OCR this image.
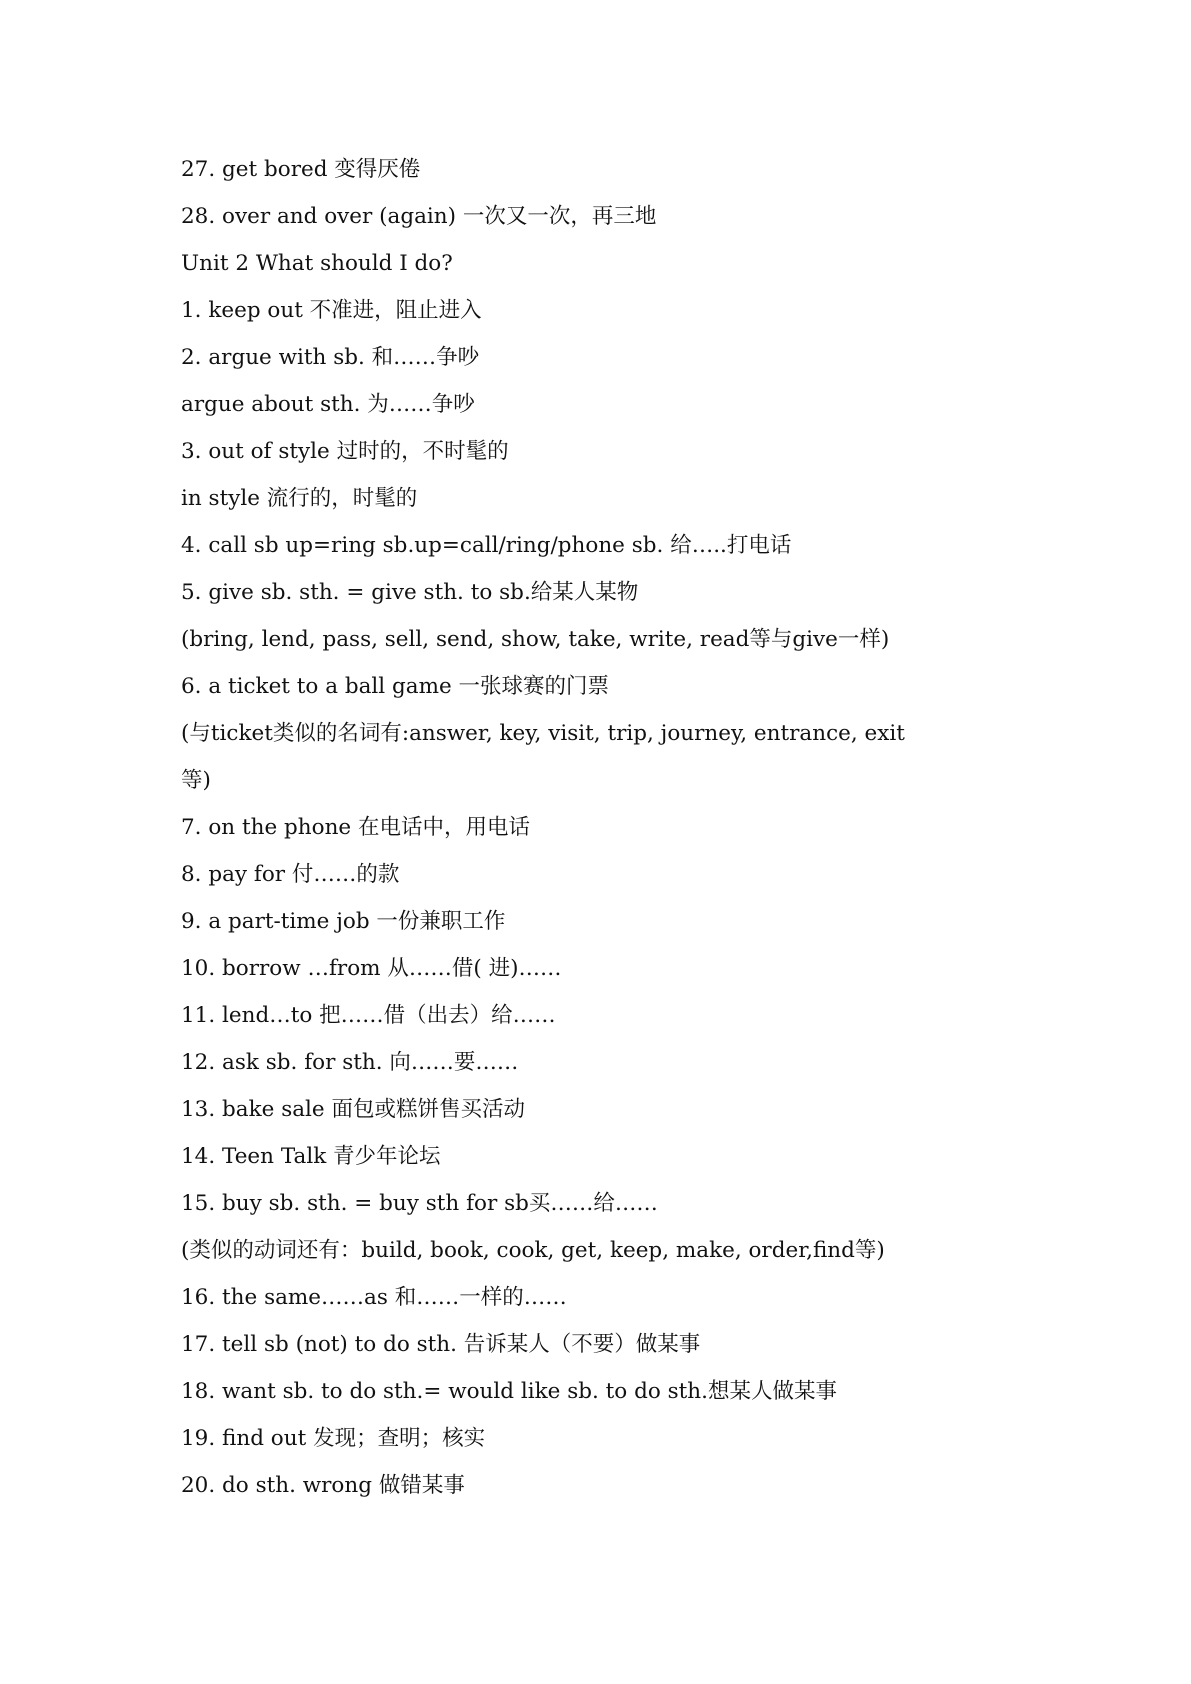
27. get bored 变得厌倦
28. over and over (again) 一次又一次，再三地
Unit 2 What should I do?
1. keep out 不准进，阻止进入
2. argue with sb. 和……争吵
argue about sth. 为……争吵
3. out of style 过时的，不时髦的
in style 流行的，时髦的
4. call sb up=ring sb.up=call/ring/phone sb. 给…..打电话
5. give sb. sth. = give sth. to sb.给某人某物
(bring, lend, pass, sell, send, show, take, write, read等与give一样)
6. a ticket to a ball game 一张球赛的门票
(与ticket类似的名词有:answer, key, visit, trip, journey, entrance, exit
等)
7. on the phone 在电话中，用电话
8. pay for 付……的款
9. a part-time job 一份兼职工作
10. borrow …from 从……借( 进)……
11. lend…to 把……借（出去）给……
12. ask sb. for sth. 向……要……
13. bake sale 面包或糕饼售买活动
14. Teen Talk 青少年论坛
15. buy sb. sth. = buy sth for sb买……给……
(类似的动词还有：build, book, cook, get, keep, make, order,find等)
16. the same……as 和……一样的……
17. tell sb (not) to do sth. 告诉某人（不要）做某事
18. want sb. to do sth.= would like sb. to do sth.想某人做某事
19. find out 发现；查明；核实
20. do sth. wrong 做错某事
